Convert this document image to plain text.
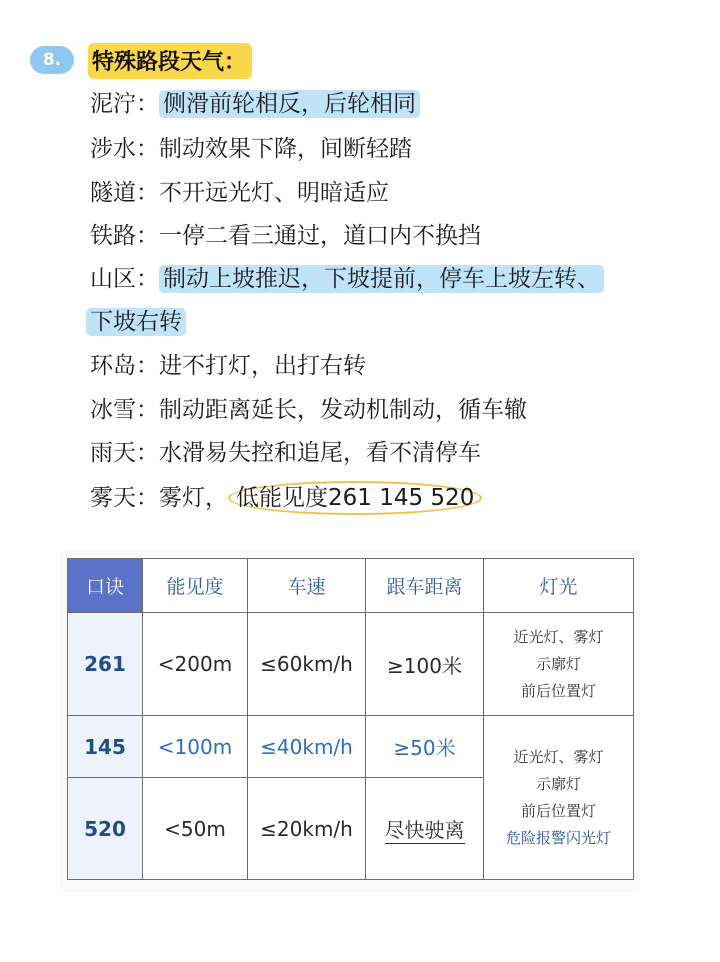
8.	特殊路段天气：
泥泞： 侧滑前轮相反，后轮相同
涉水：制动效果下降，间断轻踏
隧道：不开远光灯、明暗适应
铁路：一停二看三通过，道口内不换挡
山区： 制动上坡推迟，下坡提前，停车上坡左转、
下坡右转
环岛：进不打灯，出打右转
冰雪：制动距离延长，发动机制动，循车辙
雨天：水滑易失控和追尾，看不清停车
雾天：雾灯， 低能见度261 145 520
口诀	能见度	车速	跟车距离	灯光
261	<200m	≤60km/h	≥100米	近光灯、雾灯
示廓灯
前后位置灯

145	<100m	≤40km/h	≥50米	近光灯、雾灯
示廓灯
前后位置灯
危险报警闪光灯

520	<50m	≤20km/h	尽快驶离	
